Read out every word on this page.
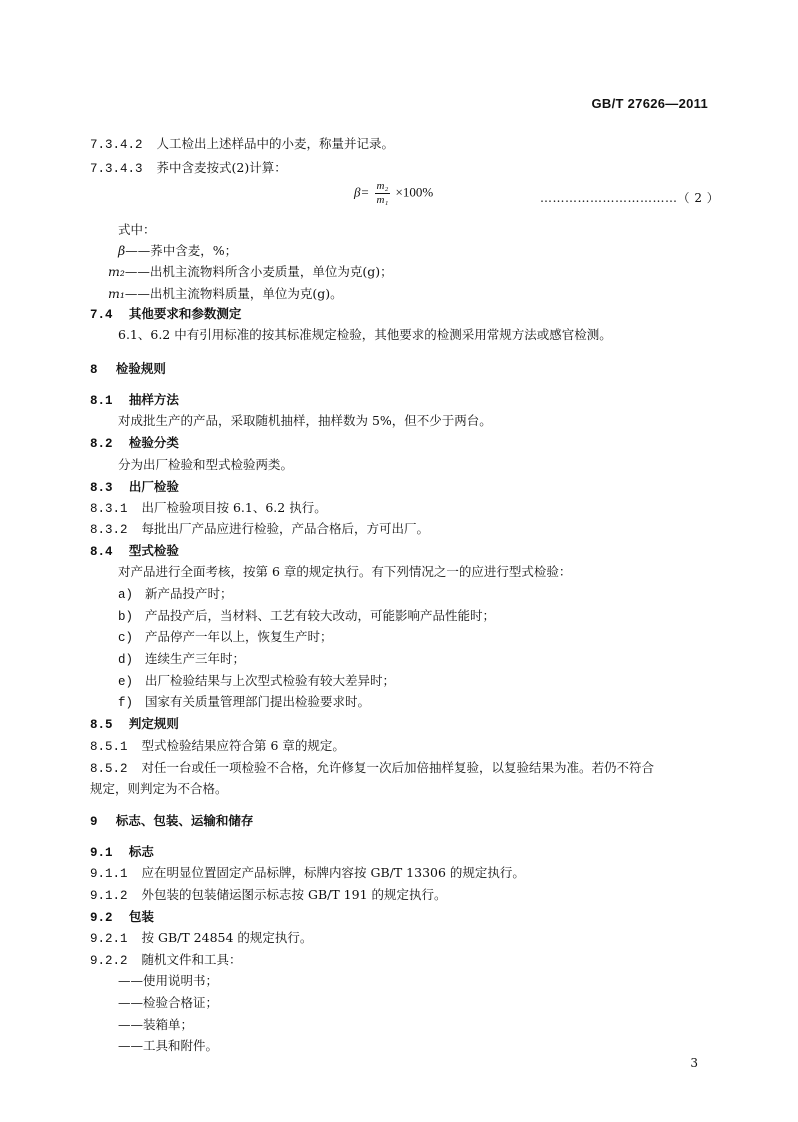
GB/T 27626—2011
7.3.4.2 人工检出上述样品中的小麦，称量并记录。
7.3.4.3 荞中含麦按式(2)计算：
$\beta= \frac{\text{m₂}}{\text{m₁}} \times 100\%$	……………………………（ 2 ）
式中：
β——荞中含麦，%；
m₂——出机主流物料所含小麦质量，单位为克(g)；
m₁——出机主流物料质量，单位为克(g)。
7.4 其他要求和参数测定
6.1、6.2 中有引用标准的按其标准规定检验，其他要求的检测采用常规方法或感官检测。
8 检验规则
8.1 抽样方法
对成批生产的产品，采取随机抽样，抽样数为 5%，但不少于两台。
8.2 检验分类
分为出厂检验和型式检验两类。
8.3 出厂检验
8.3.1 出厂检验项目按 6.1、6.2 执行。
8.3.2 每批出厂产品应进行检验，产品合格后，方可出厂。
8.4 型式检验
对产品进行全面考核，按第 6 章的规定执行。有下列情况之一的应进行型式检验：
a) 新产品投产时；
b) 产品投产后，当材料、工艺有较大改动，可能影响产品性能时；
c) 产品停产一年以上，恢复生产时；
d) 连续生产三年时；
e) 出厂检验结果与上次型式检验有较大差异时；
f) 国家有关质量管理部门提出检验要求时。
8.5 判定规则
8.5.1 型式检验结果应符合第 6 章的规定。
8.5.2 对任一台或任一项检验不合格，允许修复一次后加倍抽样复验，以复验结果为准。若仍不符合
规定，则判定为不合格。
9 标志、包装、运输和储存
9.1 标志
9.1.1 应在明显位置固定产品标牌，标牌内容按 GB/T 13306 的规定执行。
9.1.2 外包装的包装储运图示标志按 GB/T 191 的规定执行。
9.2 包装
9.2.1 按 GB/T 24854 的规定执行。
9.2.2 随机文件和工具：
——使用说明书；
——检验合格证；
——装箱单；
——工具和附件。
3
